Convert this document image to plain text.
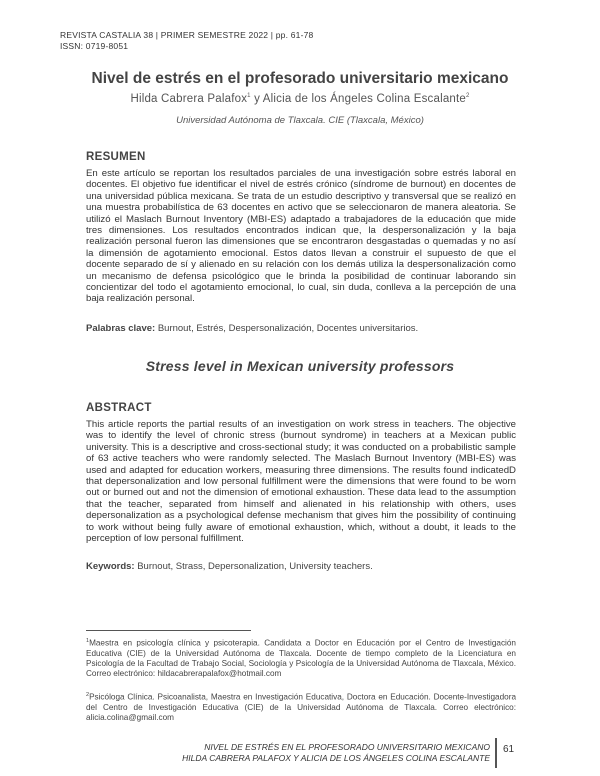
REVISTA CASTALIA 38 | PRIMER SEMESTRE 2022 | pp. 61-78
ISSN: 0719-8051
Nivel de estrés en el profesorado universitario mexicano
Hilda Cabrera Palafox$^1$ y Alicia de los Ángeles Colina Escalante$^2$
Universidad Autónoma de Tlaxcala. CIE (Tlaxcala, México)
RESUMEN

En este artículo se reportan los resultados parciales de una investigación sobre estrés laboral en docentes. El objetivo fue identificar el nivel de estrés crónico (síndrome de burnout) en docentes de una universidad pública mexicana. Se trata de un estudio descriptivo y transversal que se realizó en una muestra probabilística de 63 docentes en activo que se seleccionaron de manera aleatoria. Se utilizó el Maslach Burnout Inventory (MBI-ES) adaptado a trabajadores de la educación que mide tres dimensiones. Los resultados encontrados indican que, la despersonalización y la baja realización personal fueron las dimensiones que se encontraron desgastadas o quemadas y no así la dimensión de agotamiento emocional. Estos datos llevan a construir el supuesto de que el docente separado de sí y alienado en su relación con los demás utiliza la despersonalización como un mecanismo de defensa psicológico que le brinda la posibilidad de continuar laborando sin concientizar del todo el agotamiento emocional, lo cual, sin duda, conlleva a la percepción de una baja realización personal.

Palabras clave: Burnout, Estrés, Despersonalización, Docentes universitarios.
Stress level in Mexican university professors
ABSTRACT

This article reports the partial results of an investigation on work stress in teachers. The objective was to identify the level of chronic stress (burnout syndrome) in teachers at a Mexican public university. This is a descriptive and cross-sectional study; it was conducted on a probabilistic sample of 63 active teachers who were randomly selected. The Maslach Burnout Inventory (MBI-ES) was used and adapted for education workers, measuring three dimensions. The results found indicatedD that depersonalization and low personal fulfillment were the dimensions that were found to be worn out or burned out and not the dimension of emotional exhaustion. These data lead to the assumption that the teacher, separated from himself and alienated in his relationship with others, uses depersonalization as a psychological defense mechanism that gives him the possibility of continuing to work without being fully aware of emotional exhaustion, which, without a doubt, it leads to the perception of low personal fulfillment.

Keywords: Burnout, Strass, Depersonalization, University teachers.

$^1$Maestra en psicología clínica y psicoterapia. Candidata a Doctor en Educación por el Centro de Investigación Educativa (CIE) de la Universidad Autónoma de Tlaxcala. Docente de tiempo completo de la Licenciatura en Psicología de la Facultad de Trabajo Social, Sociología y Psicología de la Universidad Autónoma de Tlaxcala, México. Correo electrónico: hildacabrerapalafox@hotmail.com

$^2$Psicóloga Clínica. Psicoanalista, Maestra en Investigación Educativa, Doctora en Educación. Docente-Investigadora del Centro de Investigación Educativa (CIE) de la Universidad Autónoma de Tlaxcala. Correo electrónico: alicia.colina@gmail.com

NIVEL DE ESTRÉS EN EL PROFESORADO UNIVERSITARIO MEXICANO
HILDA CABRERA PALAFOX Y ALICIA DE LOS ÁNGELES COLINA ESCALANTE
61
